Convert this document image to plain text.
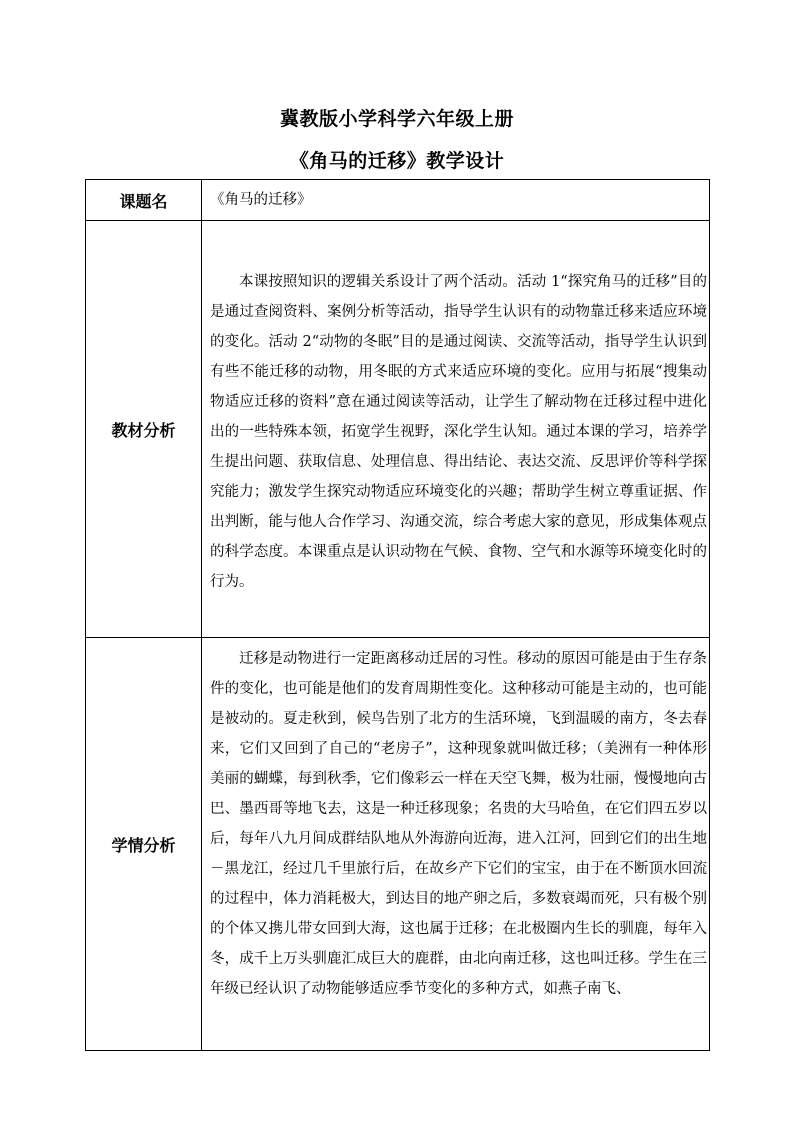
冀教版小学科学六年级上册
《角马的迁移》教学设计
课题名	《角马的迁移》
教材分析	本课按照知识的逻辑关系设计了两个活动。活动 1“探究角马的迁移”目的是通过查阅资料、案例分析等活动，指导学生认识有的动物靠迁移来适应环境的变化。活动 2“动物的冬眠”目的是通过阅读、交流等活动，指导学生认识到有些不能迁移的动物，用冬眠的方式来适应环境的变化。应用与拓展“搜集动物适应迁移的资料”意在通过阅读等活动，让学生了解动物在迁移过程中进化出的一些特殊本领，拓宽学生视野，深化学生认知。通过本课的学习，培养学生提出问题、获取信息、处理信息、得出结论、表达交流、反思评价等科学探究能力；激发学生探究动物适应环境变化的兴趣；帮助学生树立尊重证据、作出判断，能与他人合作学习、沟通交流，综合考虑大家的意见，形成集体观点的科学态度。本课重点是认识动物在气候、食物、空气和水源等环境变化时的行为。
学情分析	迁移是动物进行一定距离移动迁居的习性。移动的原因可能是由于生存条件的变化，也可能是他们的发育周期性变化。这种移动可能是主动的，也可能是被动的。夏走秋到，候鸟告别了北方的生活环境，飞到温暖的南方，冬去春来，它们又回到了自己的“老房子”，这种现象就叫做迁移；（美洲有一种体形美丽的蝴蝶，每到秋季，它们像彩云一样在天空飞舞，极为壮丽，慢慢地向古巴、墨西哥等地飞去，这是一种迁移现象；名贵的大马哈鱼，在它们四五岁以后，每年八九月间成群结队地从外海游向近海，进入江河，回到它们的出生地－黑龙江，经过几千里旅行后，在故乡产下它们的宝宝，由于在不断顶水回流的过程中，体力消耗极大，到达目的地产卵之后，多数衰竭而死，只有极个别的个体又携儿带女回到大海，这也属于迁移；在北极圈内生长的驯鹿，每年入冬，成千上万头驯鹿汇成巨大的鹿群，由北向南迁移，这也叫迁移。学生在三年级已经认识了动物能够适应季节变化的多种方式，如燕子南飞、
